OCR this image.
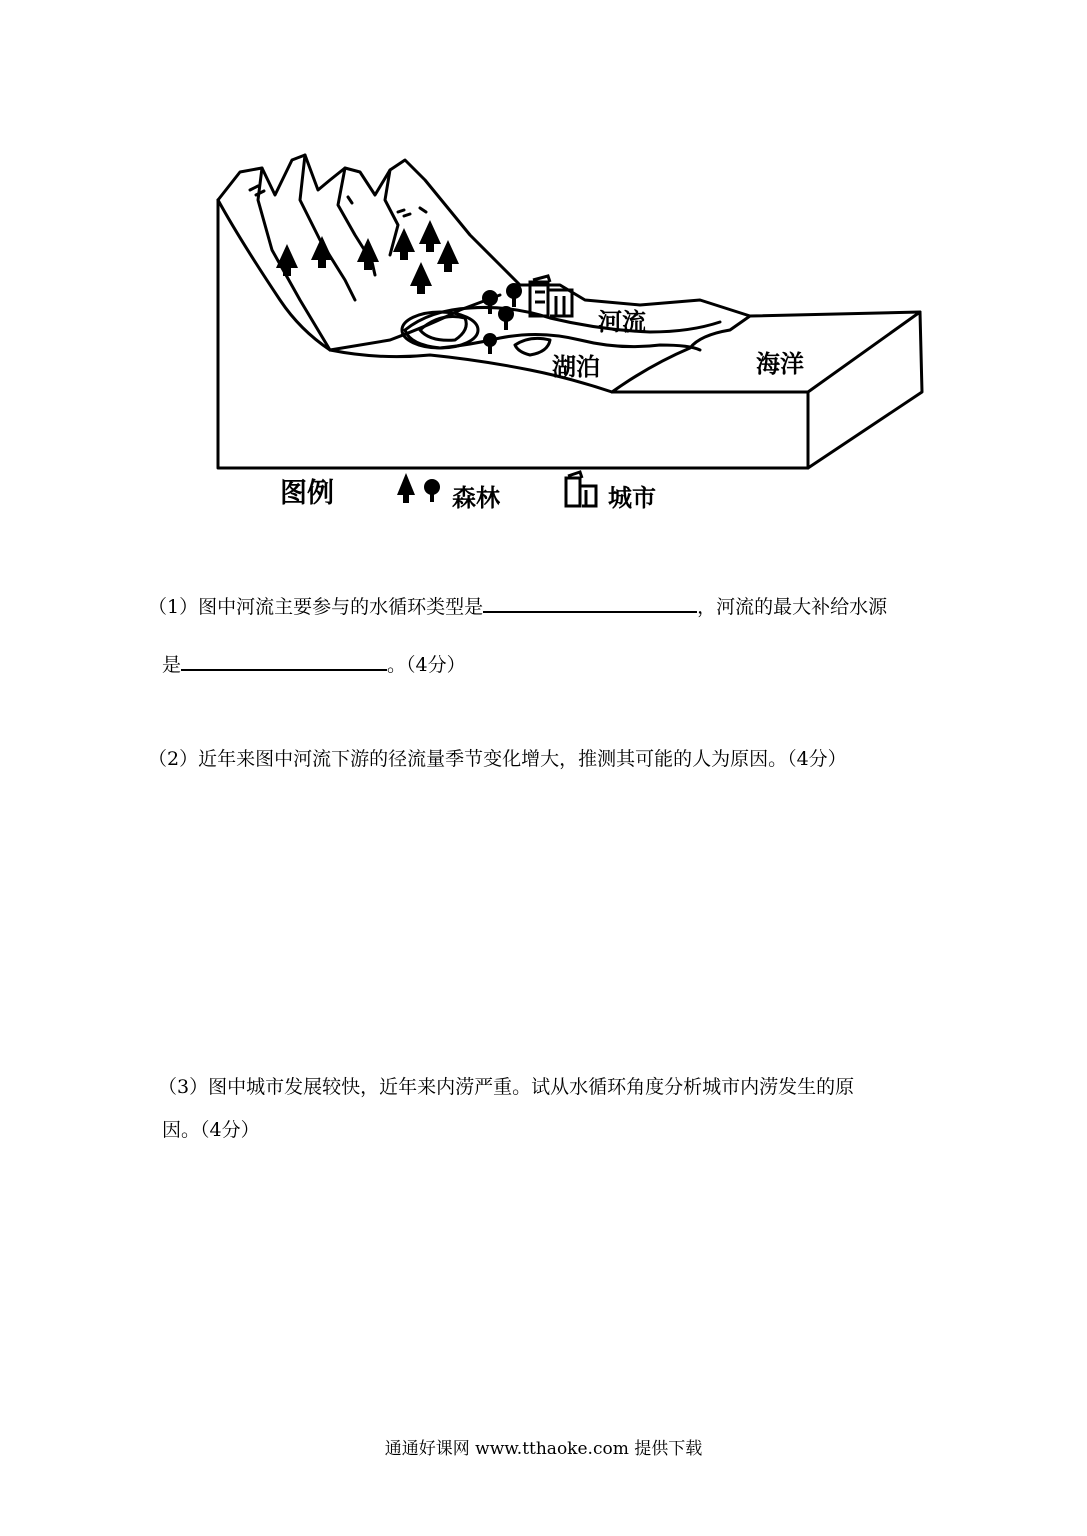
河流
湖泊	海洋
图例	森林	城市
（1）图中河流主要参与的水循环类型是	，河流的最大补给水源
是	。（4分）
（2）近年来图中河流下游的径流量季节变化增大，推测其可能的人为原因。（4分）
（3）图中城市发展较快，近年来内涝严重。试从水循环角度分析城市内涝发生的原
因。（4分）
通通好课网 www.tthaoke.com 提供下载
